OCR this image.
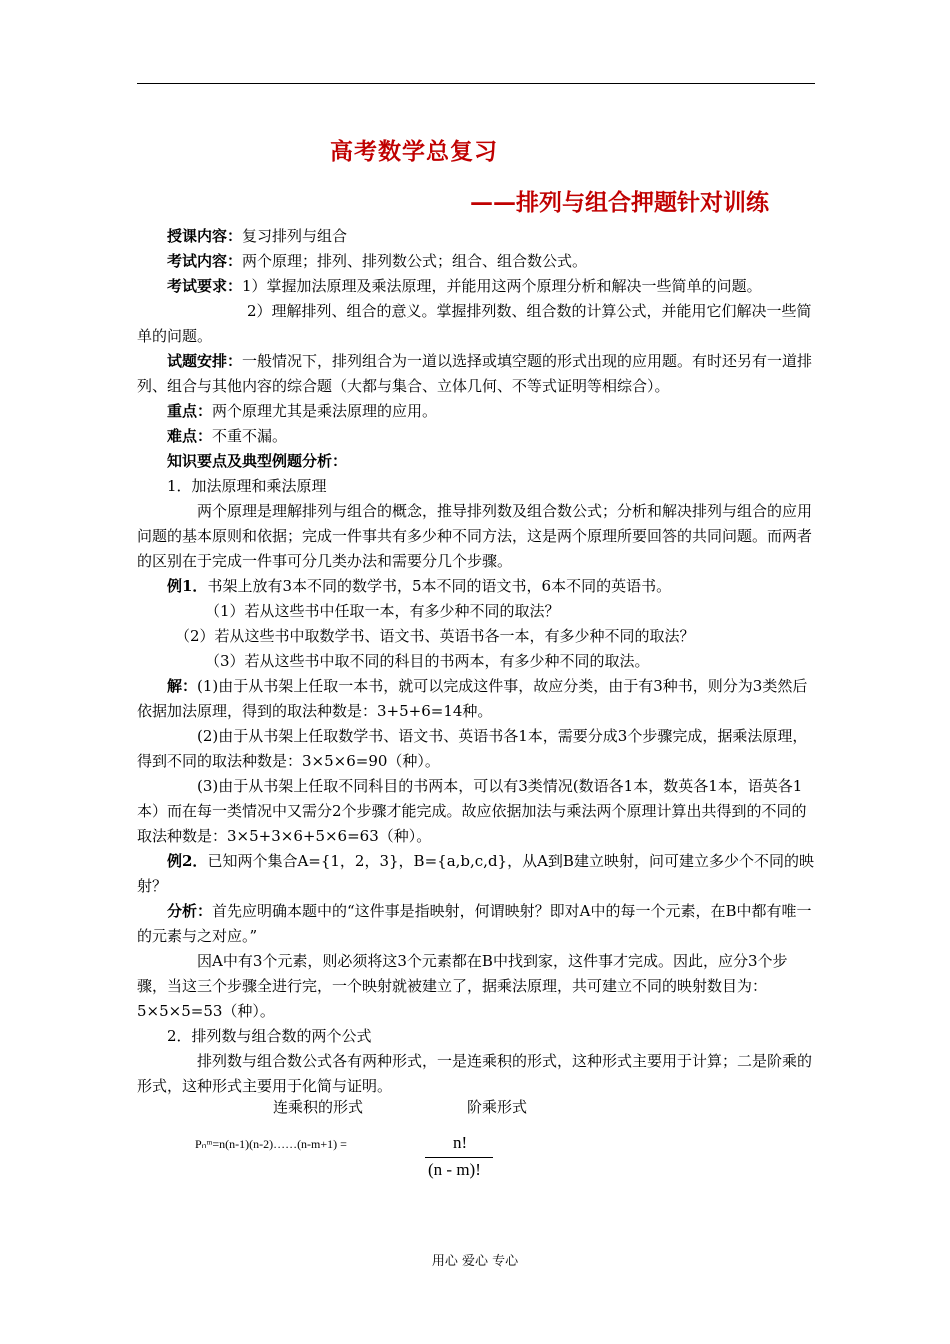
高考数学总复习
——排列与组合押题针对训练

授课内容：复习排列与组合

考试内容：两个原理；排列、排列数公式；组合、组合数公式。

考试要求：1）掌握加法原理及乘法原理，并能用这两个原理分析和解决一些简单的问题。

2）理解排列、组合的意义。掌握排列数、组合数的计算公式，并能用它们解决一些简单的问题。

试题安排：一般情况下，排列组合为一道以选择或填空题的形式出现的应用题。有时还另有一道排列、组合与其他内容的综合题（大都与集合、立体几何、不等式证明等相综合）。

重点：两个原理尤其是乘法原理的应用。

难点：不重不漏。

知识要点及典型例题分析：

1．加法原理和乘法原理

两个原理是理解排列与组合的概念，推导排列数及组合数公式；分析和解决排列与组合的应用问题的基本原则和依据；完成一件事共有多少种不同方法，这是两个原理所要回答的共同问题。而两者的区别在于完成一件事可分几类办法和需要分几个步骤。

例1．书架上放有3本不同的数学书，5本不同的语文书，6本不同的英语书。

（1）若从这些书中任取一本，有多少种不同的取法？

（2）若从这些书中取数学书、语文书、英语书各一本，有多少种不同的取法？

（3）若从这些书中取不同的科目的书两本，有多少种不同的取法。

解：(1)由于从书架上任取一本书，就可以完成这件事，故应分类，由于有3种书，则分为3类然后依据加法原理，得到的取法种数是：3+5+6=14种。

(2)由于从书架上任取数学书、语文书、英语书各1本，需要分成3个步骤完成，据乘法原理，得到不同的取法种数是：3×5×6=90（种）。

(3)由于从书架上任取不同科目的书两本，可以有3类情况(数语各1本，数英各1本，语英各1本）而在每一类情况中又需分2个步骤才能完成。故应依据加法与乘法两个原理计算出共得到的不同的取法种数是：3×5+3×6+5×6=63（种）。

例2．已知两个集合A={1，2，3}，B={a,b,c,d}，从A到B建立映射，问可建立多少个不同的映射？

分析：首先应明确本题中的“这件事是指映射，何谓映射？即对A中的每一个元素，在B中都有唯一的元素与之对应。”

因A中有3个元素，则必须将这3个元素都在B中找到家，这件事才完成。因此，应分3个步骤，当这三个步骤全进行完，一个映射就被建立了，据乘法原理，共可建立不同的映射数目为：5×5×5=53（种）。

2．排列数与组合数的两个公式

排列数与组合数公式各有两种形式，一是连乘积的形式，这种形式主要用于计算；二是阶乘的形式，这种形式主要用于化简与证明。

连乘积的形式	阶乘形式
Pₙᵐ=n(n-1)(n-2)……(n-m+1) =	n!
(n - m)!
用心 爱心 专心
